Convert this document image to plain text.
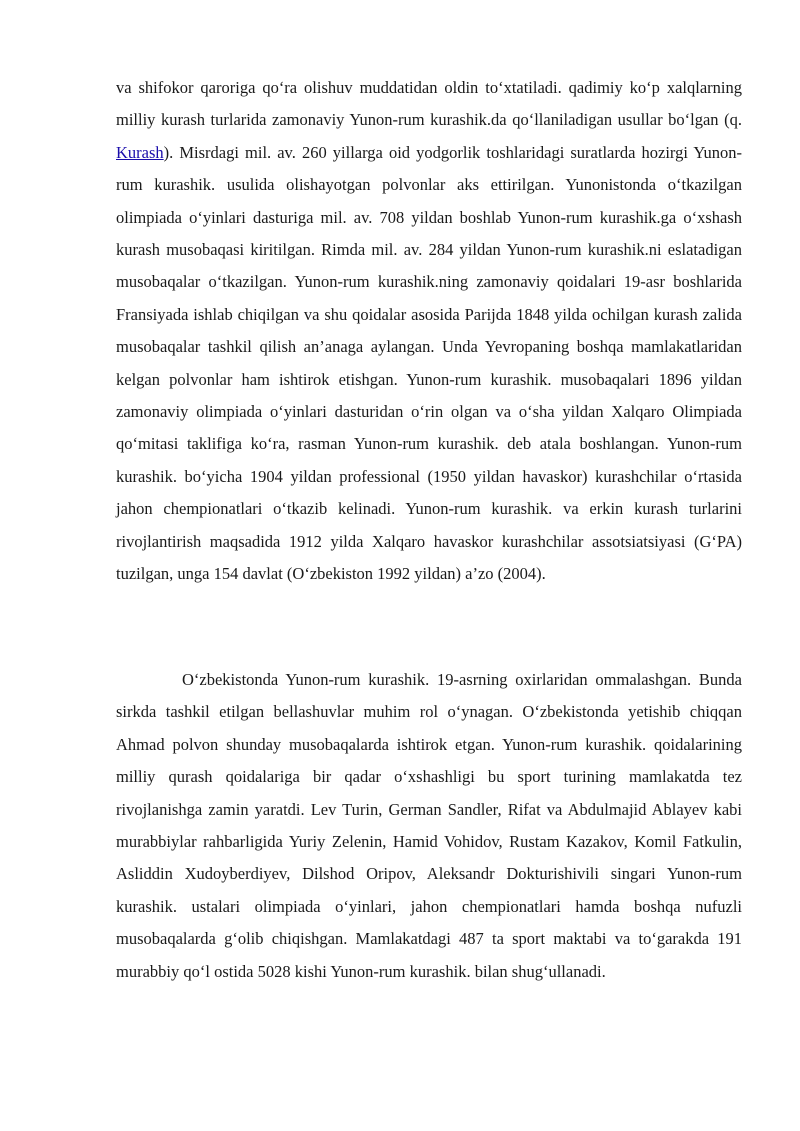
va shifokor qaroriga qo‘ra olishuv muddatidan oldin to‘xtatiladi. qadimiy ko‘p xalqlarning milliy kurash turlarida zamonaviy Yunon-rum kurashik.da qo‘llaniladigan usullar bo‘lgan (q. Kurash). Misrdagi mil. av. 260 yillarga oid yodgorlik toshlaridagi suratlarda hozirgi Yunon-rum kurashik. usulida olishayotgan polvonlar aks ettirilgan. Yunonistonda o‘tkazilgan olimpiada o‘yinlari dasturiga mil. av. 708 yildan boshlab Yunon-rum kurashik.ga o‘xshash kurash musobaqasi kiritilgan. Rimda mil. av. 284 yildan Yunon-rum kurashik.ni eslatadigan musobaqalar o‘tkazilgan. Yunon-rum kurashik.ning zamonaviy qoidalari 19-asr boshlarida Fransiyada ishlab chiqilgan va shu qoidalar asosida Parijda 1848 yilda ochilgan kurash zalida musobaqalar tashkil qilish an’anaga aylangan. Unda Yevropaning boshqa mamlakatlaridan kelgan polvonlar ham ishtirok etishgan. Yunon-rum kurashik. musobaqalari 1896 yildan zamonaviy olimpiada o‘yinlari dasturidan o‘rin olgan va o‘sha yildan Xalqaro Olimpiada qo‘mitasi taklifiga ko‘ra, rasman Yunon-rum kurashik. deb atala boshlangan. Yunon-rum kurashik. bo‘yicha 1904 yildan professional (1950 yildan havaskor) kurashchilar o‘rtasida jahon chempionatlari o‘tkazib kelinadi. Yunon-rum kurashik. va erkin kurash turlarini rivojlantirish maqsadida 1912 yilda Xalqaro havaskor kurashchilar assotsiatsiyasi (G‘PA) tuzilgan, unga 154 davlat (O‘zbekiston 1992 yildan) a’zo (2004).

O‘zbekistonda Yunon-rum kurashik. 19-asrning oxirlaridan ommalashgan. Bunda sirkda tashkil etilgan bellashuvlar muhim rol o‘ynagan. O‘zbekistonda yetishib chiqqan Ahmad polvon shunday musobaqalarda ishtirok etgan. Yunon-rum kurashik. qoidalarining milliy qurash qoidalariga bir qadar o‘xshashligi bu sport turining mamlakatda tez rivojlanishga zamin yaratdi. Lev Turin, German Sandler, Rifat va Abdulmajid Ablayev kabi murabbiylar rahbarligida Yuriy Zelenin, Hamid Vohidov, Rustam Kazakov, Komil Fatkulin, Asliddin Xudoyberdiyev, Dilshod Oripov, Aleksandr Dokturishivili singari Yunon-rum kurashik. ustalari olimpiada o‘yinlari, jahon chempionatlari hamda boshqa nufuzli musobaqalarda g‘olib chiqishgan. Mamlakatdagi 487 ta sport maktabi va to‘garakda 191 murabbiy qo‘l ostida 5028 kishi Yunon-rum kurashik. bilan shug‘ullanadi.
